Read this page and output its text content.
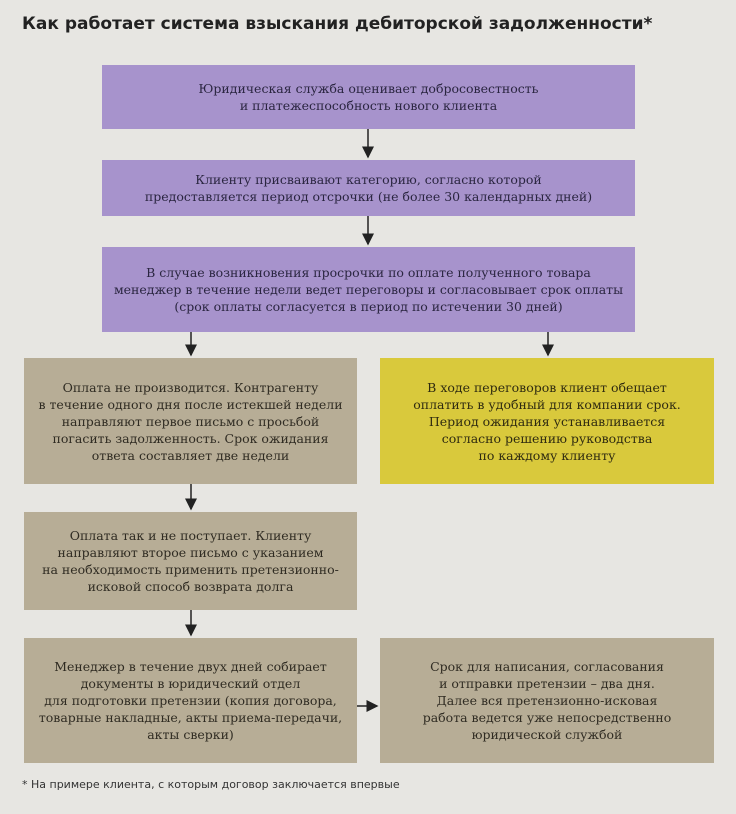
Как работает система взыскания дебиторской задолженности*
Юридическая служба оценивает добросовестность
и платежеспособность нового клиента
Клиенту присваивают категорию, согласно которой
предоставляется период отсрочки (не более 30 календарных дней)
В случае возникновения просрочки по оплате полученного товара
менеджер в течение недели ведет переговоры и согласовывает срок оплаты
(срок оплаты согласуется в период по истечении 30 дней)
Оплата не производится. Контрагенту
в течение одного дня после истекшей недели
направляют первое письмо с просьбой
погасить задолженность. Срок ожидания
ответа составляет две недели
В ходе переговоров клиент обещает
оплатить в удобный для компании срок.
Период ожидания устанавливается
согласно решению руководства
по каждому клиенту
Оплата так и не поступает. Клиенту
направляют второе письмо с указанием
на необходимость применить претензионно-
исковой способ возврата долга
Менеджер в течение двух дней собирает
документы в юридический отдел
для подготовки претензии (копия договора,
товарные накладные, акты приема-передачи,
акты сверки)
Срок для написания, согласования
и отправки претензии – два дня.
Далее вся претензионно-исковая
работа ведется уже непосредственно
юридической службой
* На примере клиента, с которым договор заключается впервые
